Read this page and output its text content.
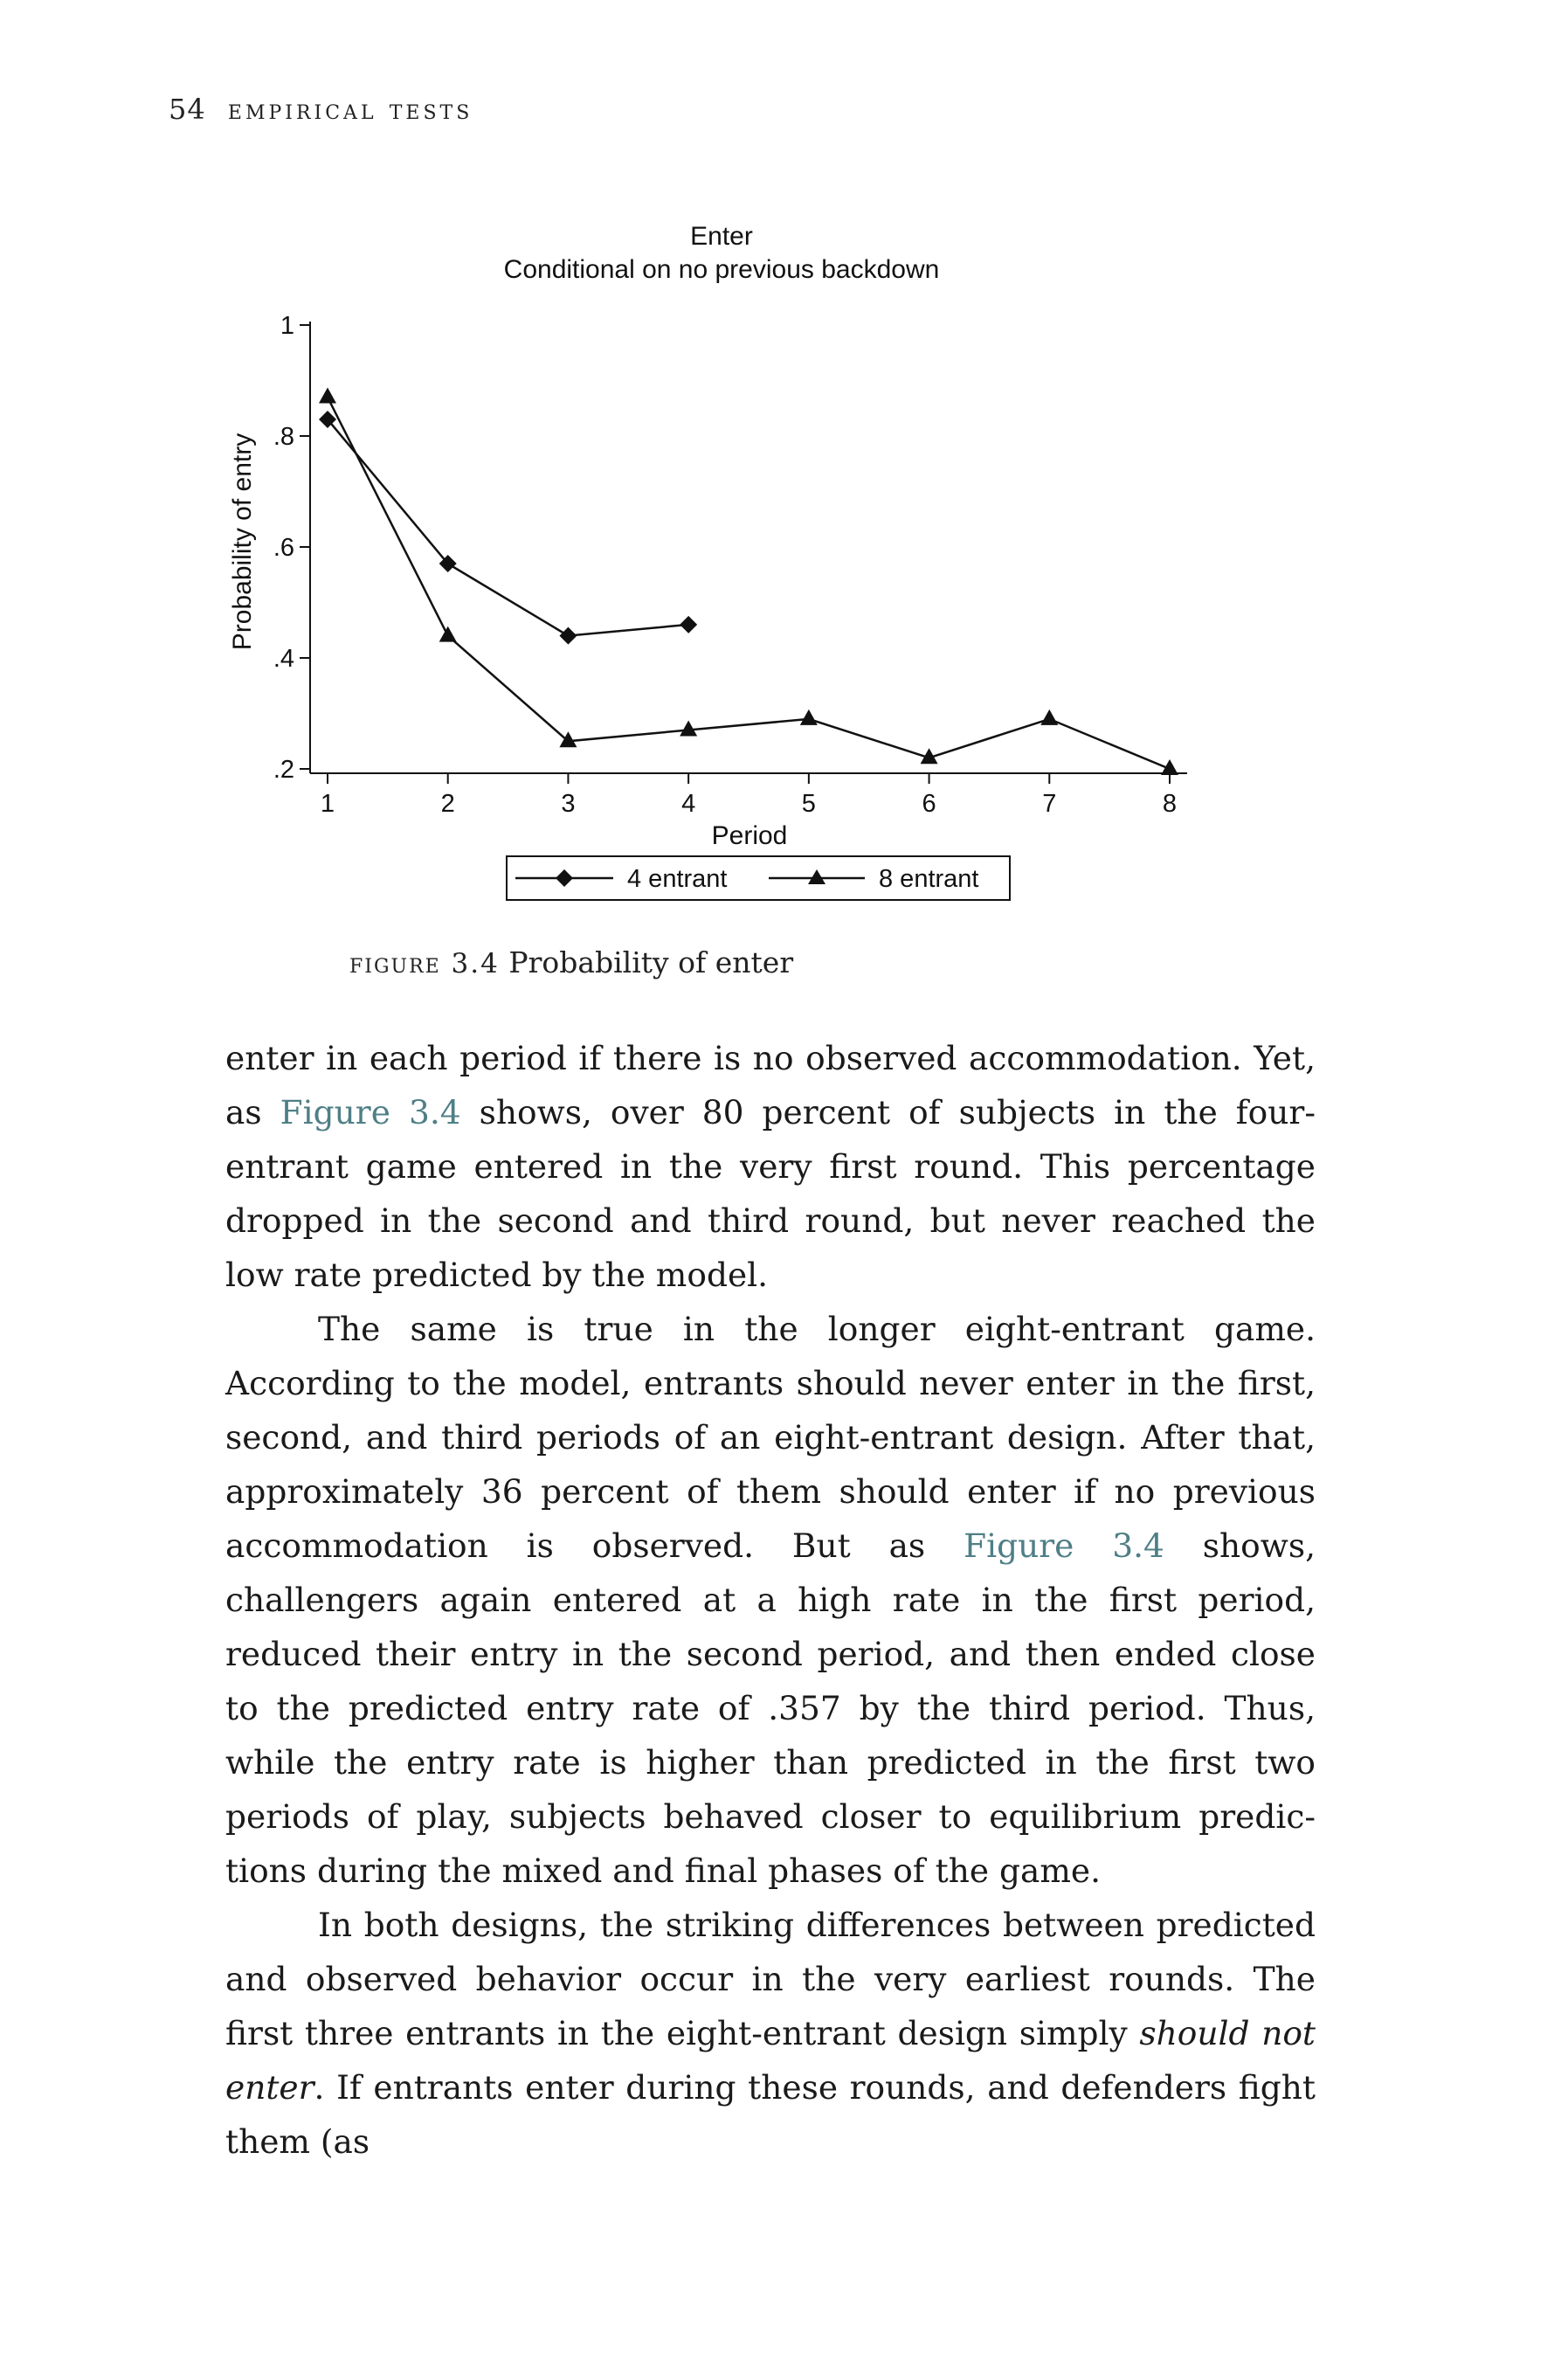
54 empirical tests
Enter
Conditional on no previous backdown
Probability of entry
Period
.2
.4
.6
.8
1
1	2	3	4	5	6	7	8
4 entrant	8 entrant
figure 3.4 Probability of enter

enter in each period if there is no observed accommodation. Yet, as Figure 3.4 shows, over 80 percent of subjects in the four-entrant game entered in the very first round. This percentage dropped in the second and third round, but never reached the low rate predicted by the model.

The same is true in the longer eight-entrant game. According to the model, entrants should never enter in the first, second, and third periods of an eight-entrant design. After that, approximately 36 percent of them should enter if no previous accommodation is observed. But as Figure 3.4 shows, challengers again entered at a high rate in the first period, reduced their entry in the second period, and then ended close to the predicted entry rate of .357 by the third period. Thus, while the entry rate is higher than predicted in the first two periods of play, subjects behaved closer to equilibrium predic-tions during the mixed and final phases of the game.

In both designs, the striking differences between predicted and observed behavior occur in the very earliest rounds. The first three entrants in the eight-entrant design simply should not enter. If entrants enter during these rounds, and defenders fight them (as
